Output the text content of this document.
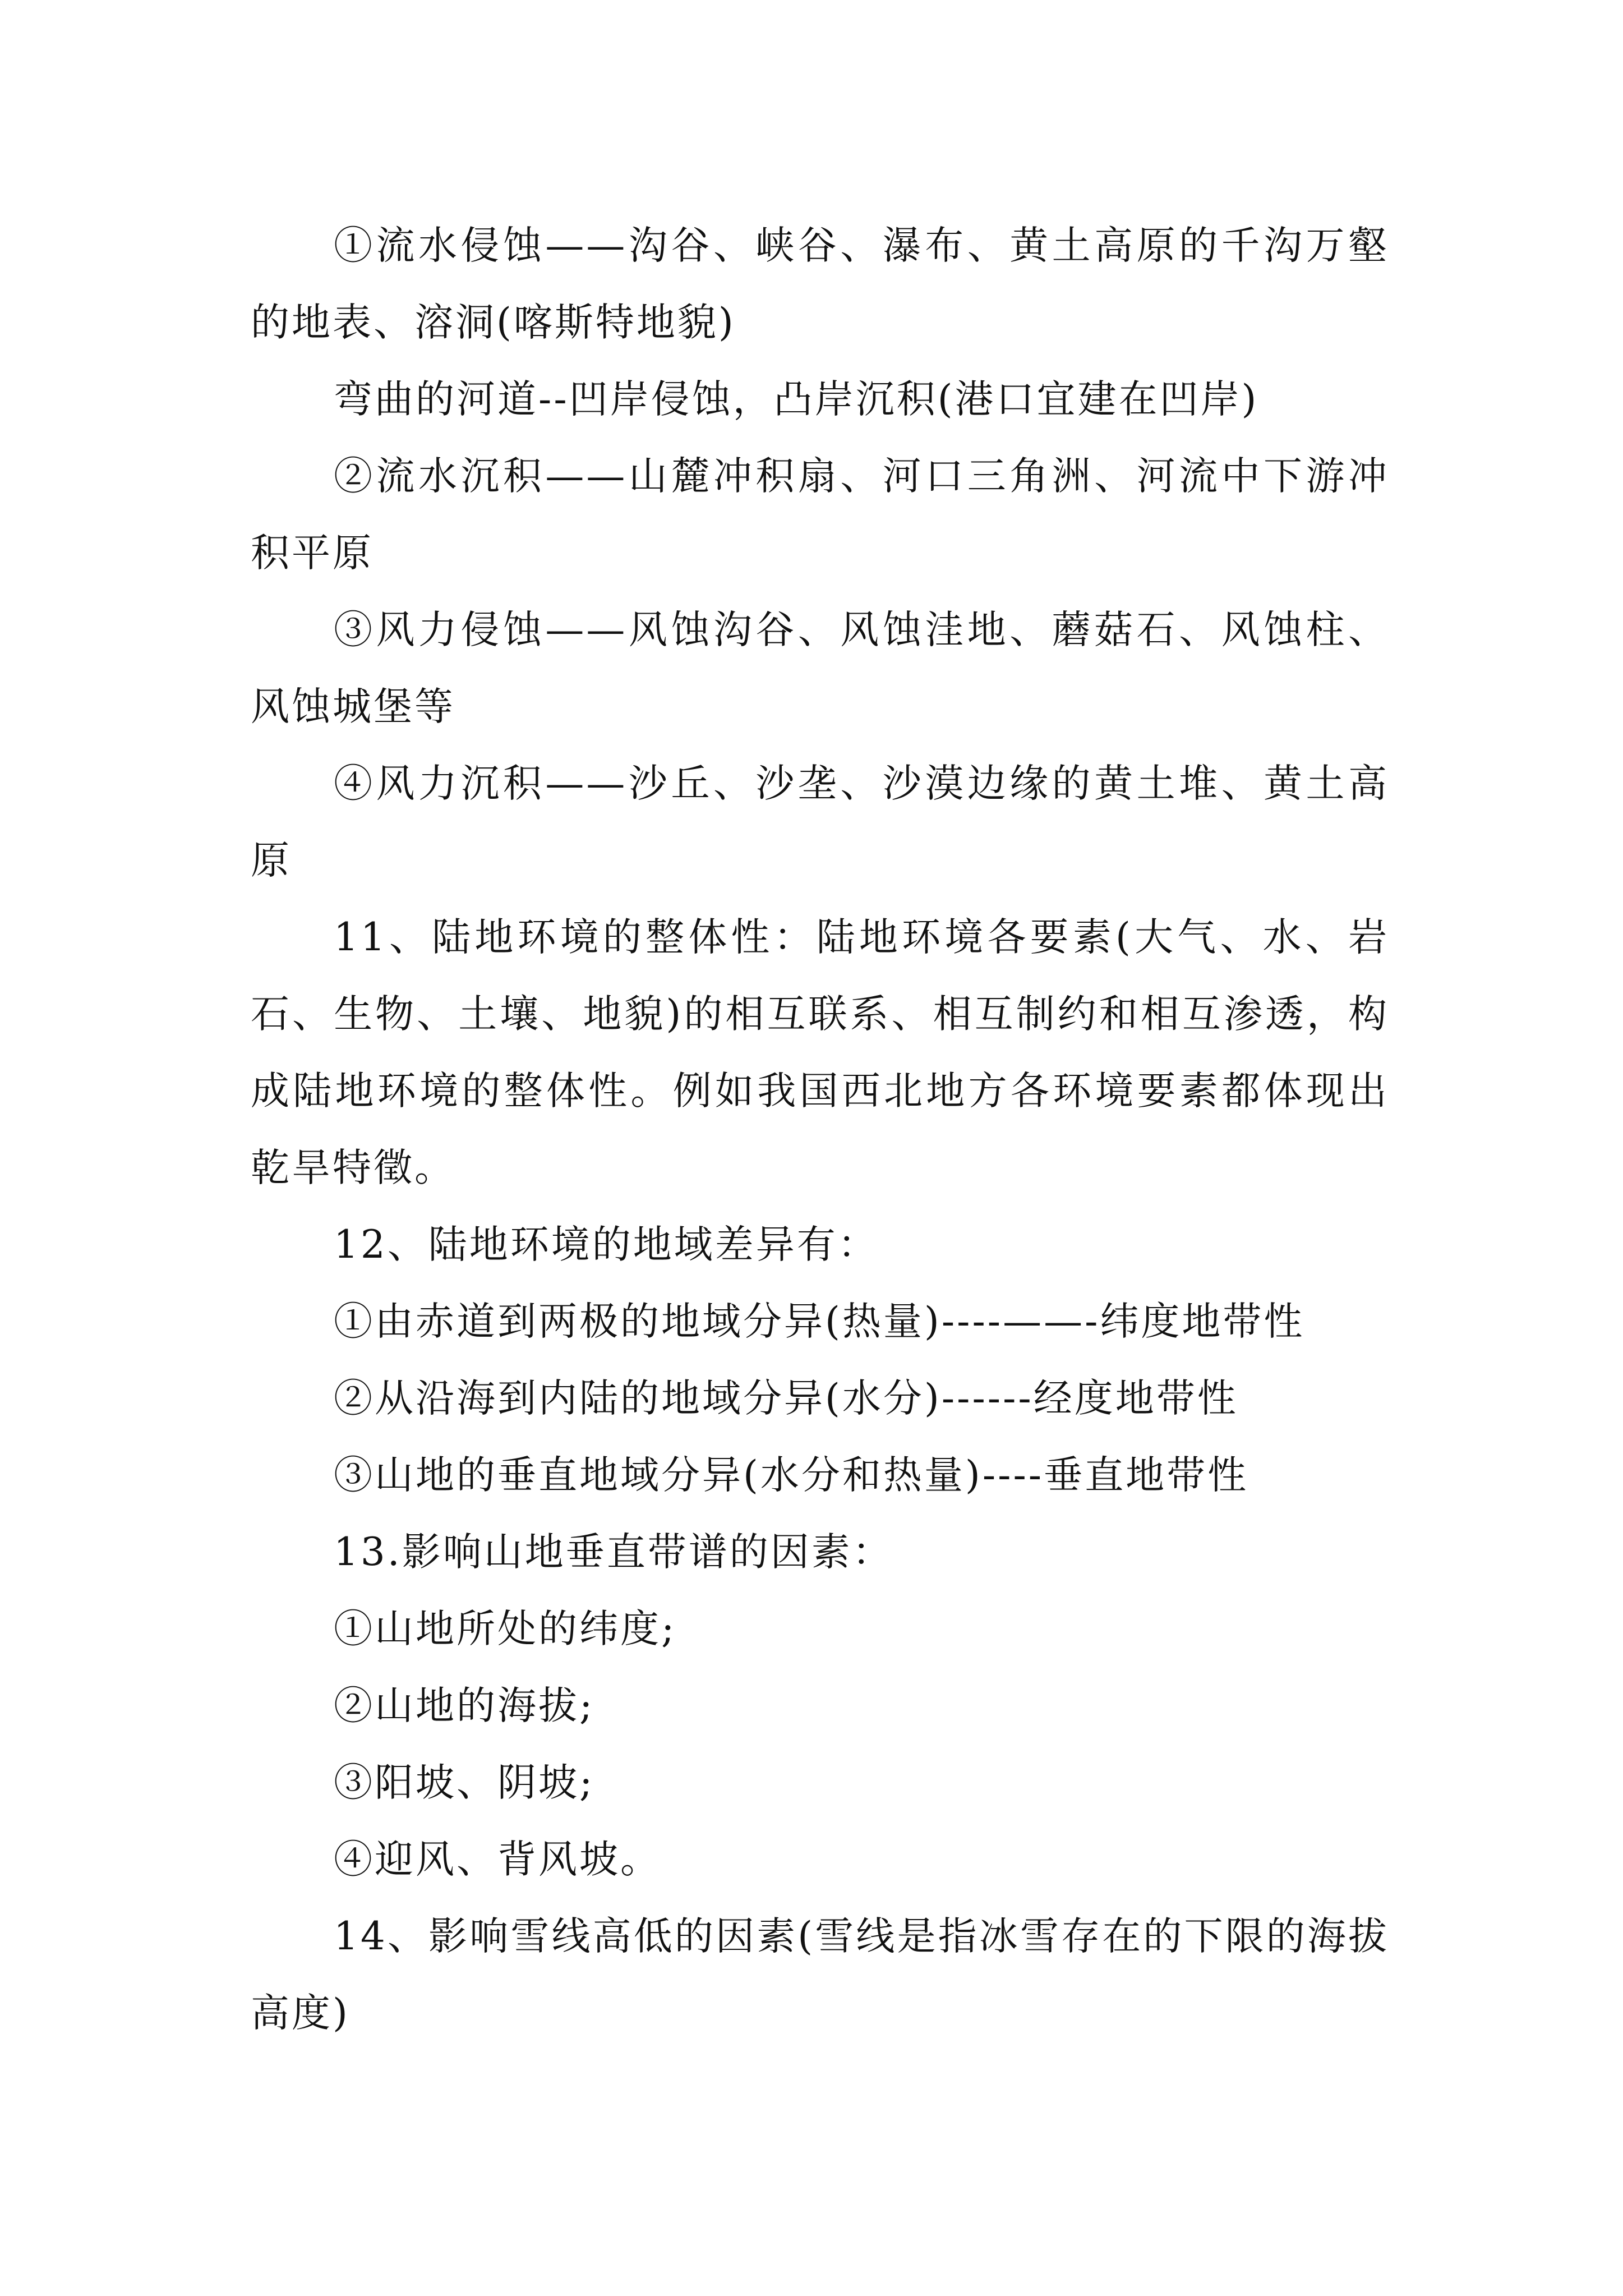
①流水侵蚀——沟谷、峡谷、瀑布、黄土高原的千沟万壑的地表、溶洞(喀斯特地貌)

弯曲的河道--凹岸侵蚀，凸岸沉积(港口宜建在凹岸)

②流水沉积——山麓冲积扇、河口三角洲、河流中下游冲积平原

③风力侵蚀——风蚀沟谷、风蚀洼地、蘑菇石、风蚀柱、风蚀城堡等

④风力沉积——沙丘、沙垄、沙漠边缘的黄土堆、黄土高原

11、陆地环境的整体性：陆地环境各要素(大气、水、岩石、生物、土壤、地貌)的相互联系、相互制约和相互渗透，构成陆地环境的整体性。例如我国西北地方各环境要素都体现出乾旱特徵。

12、陆地环境的地域差异有：

①由赤道到两极的地域分异(热量)----——-纬度地带性

②从沿海到内陆的地域分异(水分)------经度地带性

③山地的垂直地域分异(水分和热量)----垂直地带性

13.影响山地垂直带谱的因素：

①山地所处的纬度;

②山地的海拔;

③阳坡、阴坡;

④迎风、背风坡。

14、影响雪线高低的因素(雪线是指冰雪存在的下限的海拔高度)
